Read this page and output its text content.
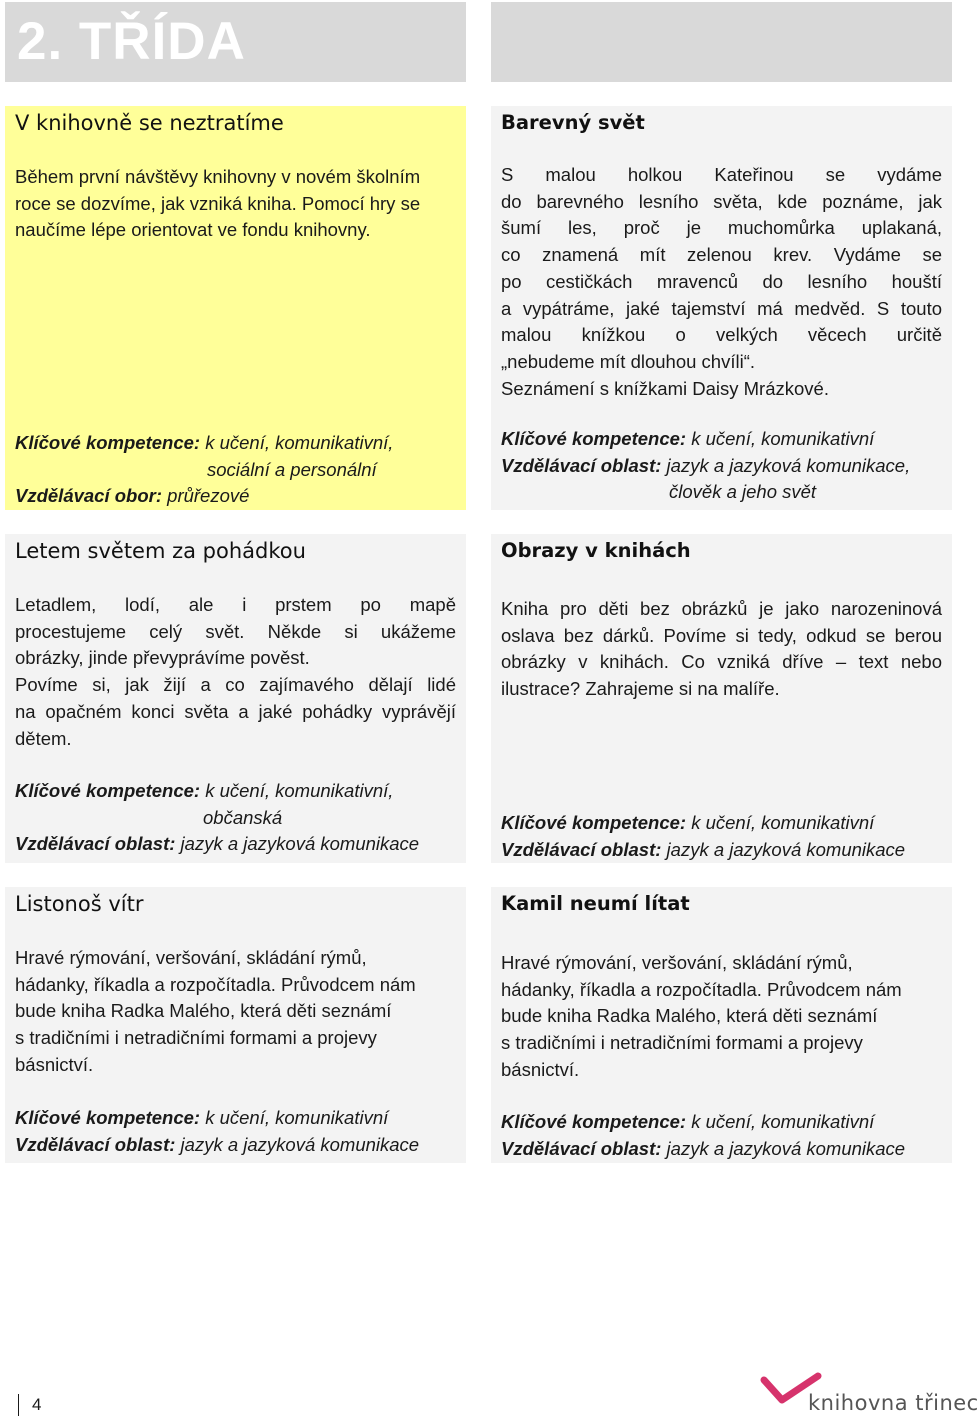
2. TŘÍDA
V knihovně se neztratíme

Během první návštěvy knihovny v novém školním

roce se dozvíme, jak vzniká kniha. Pomocí hry se

naučíme lépe orientovat ve fondu knihovny.

Klíčové kompetence: k učení, komunikativní,
sociální a personální
Vzdělávací obor: průřezové
Barevný svět

S malou holkou Kateřinou se vydáme

do barevného lesního světa, kde poznáme, jak

šumí les, proč je muchomůrka uplakaná,

co znamená mít zelenou krev. Vydáme se

po cestičkách mravenců do lesního houští

a vypátráme, jaké tajemství má medvěd. S touto

malou knížkou o velkých věcech určitě

„nebudeme mít dlouhou chvíli“.

Seznámení s knížkami Daisy Mrázkové.

Klíčové kompetence: k učení, komunikativní
Vzdělávací oblast: jazyk a jazyková komunikace,
člověk a jeho svět
Letem světem za pohádkou

Letadlem, lodí, ale i prstem po mapě

procestujeme celý svět. Někde si ukážeme

obrázky, jinde převyprávíme pověst.

Povíme si, jak žijí a co zajímavého dělají lidé

na opačném konci světa a jaké pohádky vyprávějí

dětem.

Klíčové kompetence: k učení, komunikativní,
občanská
Vzdělávací oblast: jazyk a jazyková komunikace
Obrazy v knihách

Kniha pro děti bez obrázků je jako narozeninová

oslava bez dárků. Povíme si tedy, odkud se berou

obrázky v knihách. Co vzniká dříve – text nebo

ilustrace? Zahrajeme si na malíře.

Klíčové kompetence: k učení, komunikativní
Vzdělávací oblast: jazyk a jazyková komunikace
Listonoš vítr

Hravé rýmování, veršování, skládání rýmů,

hádanky, říkadla a rozpočítadla. Průvodcem nám

bude kniha Radka Malého, která děti seznámí

s tradičními i netradičními formami a projevy

básnictví.

Klíčové kompetence: k učení, komunikativní
Vzdělávací oblast: jazyk a jazyková komunikace
Kamil neumí lítat

Hravé rýmování, veršování, skládání rýmů,

hádanky, říkadla a rozpočítadla. Průvodcem nám

bude kniha Radka Malého, která děti seznámí

s tradičními i netradičními formami a projevy

básnictví.

Klíčové kompetence: k učení, komunikativní
Vzdělávací oblast: jazyk a jazyková komunikace
4	knihovna třinec
